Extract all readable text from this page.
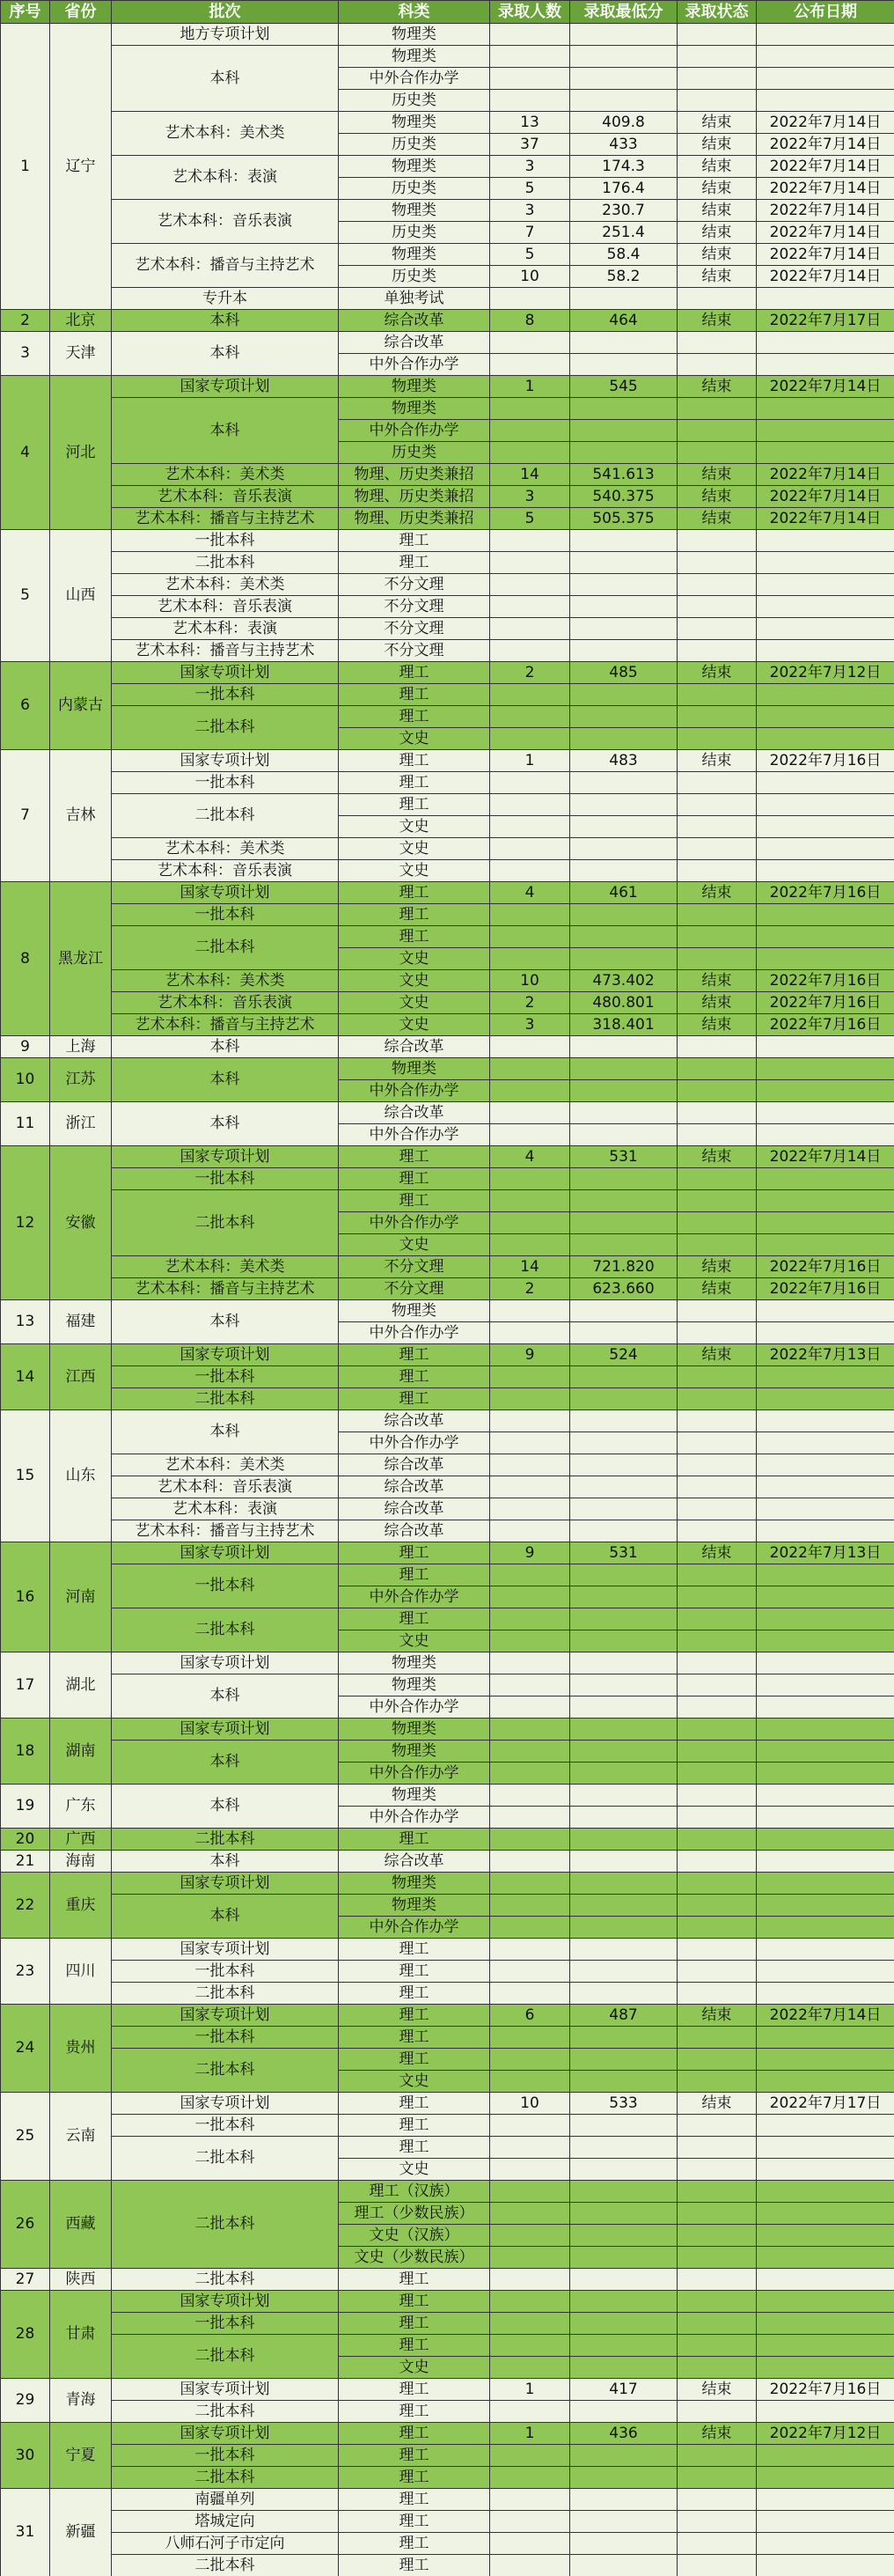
序号	省份	批次	科类	录取人数	录取最低分	录取状态	公布日期
1	辽宁	地方专项计划	物理类				
		本科	物理类				
			中外合作办学				
			历史类				
		艺术本科：美术类	物理类	13	409.8	结束	2022年7月14日
			历史类	37	433	结束	2022年7月14日
		艺术本科：表演	物理类	3	174.3	结束	2022年7月14日
			历史类	5	176.4	结束	2022年7月14日
		艺术本科：音乐表演	物理类	3	230.7	结束	2022年7月14日
			历史类	7	251.4	结束	2022年7月14日
		艺术本科：播音与主持艺术	物理类	5	58.4	结束	2022年7月14日
			历史类	10	58.2	结束	2022年7月14日
		专升本	单独考试				
2	北京	本科	综合改革	8	464	结束	2022年7月17日
3	天津	本科	综合改革				
			中外合作办学				
4	河北	国家专项计划	物理类	1	545	结束	2022年7月14日
		本科	物理类				
			中外合作办学				
			历史类				
		艺术本科：美术类	物理、历史类兼招	14	541.613	结束	2022年7月14日
		艺术本科：音乐表演	物理、历史类兼招	3	540.375	结束	2022年7月14日
		艺术本科：播音与主持艺术	物理、历史类兼招	5	505.375	结束	2022年7月14日
5	山西	一批本科	理工				
		二批本科	理工				
		艺术本科：美术类	不分文理				
		艺术本科：音乐表演	不分文理				
		艺术本科：表演	不分文理				
		艺术本科：播音与主持艺术	不分文理				
6	内蒙古	国家专项计划	理工	2	485	结束	2022年7月12日
		一批本科	理工				
		二批本科	理工				
			文史				
7	吉林	国家专项计划	理工	1	483	结束	2022年7月16日
		一批本科	理工				
		二批本科	理工				
			文史				
		艺术本科：美术类	文史				
		艺术本科：音乐表演	文史				
8	黑龙江	国家专项计划	理工	4	461	结束	2022年7月16日
		一批本科	理工				
		二批本科	理工				
			文史				
		艺术本科：美术类	文史	10	473.402	结束	2022年7月16日
		艺术本科：音乐表演	文史	2	480.801	结束	2022年7月16日
		艺术本科：播音与主持艺术	文史	3	318.401	结束	2022年7月16日
9	上海	本科	综合改革				
10	江苏	本科	物理类				
			中外合作办学				
11	浙江	本科	综合改革				
			中外合作办学				
12	安徽	国家专项计划	理工	4	531	结束	2022年7月14日
		一批本科	理工				
		二批本科	理工				
			中外合作办学				
			文史				
		艺术本科：美术类	不分文理	14	721.820	结束	2022年7月16日
		艺术本科：播音与主持艺术	不分文理	2	623.660	结束	2022年7月16日
13	福建	本科	物理类				
			中外合作办学				
14	江西	国家专项计划	理工	9	524	结束	2022年7月13日
		一批本科	理工				
		二批本科	理工				
15	山东	本科	综合改革				
			中外合作办学				
		艺术本科：美术类	综合改革				
		艺术本科：音乐表演	综合改革				
		艺术本科：表演	综合改革				
		艺术本科：播音与主持艺术	综合改革				
16	河南	国家专项计划	理工	9	531	结束	2022年7月13日
		一批本科	理工				
			中外合作办学				
		二批本科	理工				
			文史				
17	湖北	国家专项计划	物理类				
		本科	物理类				
			中外合作办学				
18	湖南	国家专项计划	物理类				
		本科	物理类				
			中外合作办学				
19	广东	本科	物理类				
			中外合作办学				
20	广西	二批本科	理工				
21	海南	本科	综合改革				
22	重庆	国家专项计划	物理类				
		本科	物理类				
			中外合作办学				
23	四川	国家专项计划	理工				
		一批本科	理工				
		二批本科	理工				
24	贵州	国家专项计划	理工	6	487	结束	2022年7月14日
		一批本科	理工				
		二批本科	理工				
			文史				
25	云南	国家专项计划	理工	10	533	结束	2022年7月17日
		一批本科	理工				
		二批本科	理工				
			文史				
26	西藏	二批本科	理工（汉族）				
			理工（少数民族）				
			文史（汉族）				
			文史（少数民族）				
27	陕西	二批本科	理工				
28	甘肃	国家专项计划	理工				
		一批本科	理工				
		二批本科	理工				
			文史				
29	青海	国家专项计划	理工	1	417	结束	2022年7月16日
		二批本科	理工				
30	宁夏	国家专项计划	理工	1	436	结束	2022年7月12日
		一批本科	理工				
		二批本科	理工				
31	新疆	南疆单列	理工				
		塔城定向	理工				
		八师石河子市定向	理工				
		二批本科	理工				
